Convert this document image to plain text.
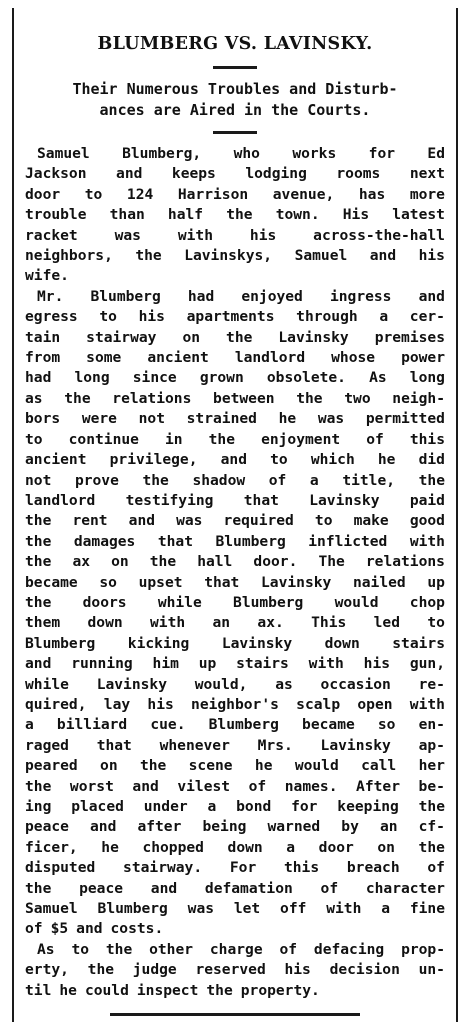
BLUMBERG VS. LAVINSKY.
Their Numerous Troubles and Disturb-
ances are Aired in the Courts.
Samuel Blumberg, who works for Ed
Jackson and keeps lodging rooms next
door to 124 Harrison avenue, has more
trouble than half the town. His latest
racket	was	with	his	across-the-hall
neighbors, the Lavinskys, Samuel and his
wife.
Mr. Blumberg had enjoyed ingress and
egress to his apartments through a cer-
tain stairway on the Lavinsky premises
from some ancient landlord whose power
had long since grown obsolete. As long
as the relations between the two neigh-
bors were not strained he was permitted
to continue in the enjoyment of this
ancient privilege, and to which he did
not prove the shadow of a title, the
landlord testifying that Lavinsky paid
the rent and was required to make good
the damages that Blumberg inflicted with
the ax on the hall door. The relations
became so upset that Lavinsky nailed up
the doors while Blumberg would chop
them down with an ax. This led to
Blumberg kicking Lavinsky down stairs
and running him up stairs with his gun,
while Lavinsky would, as occasion re-
quired, lay his neighbor's scalp open with
a billiard cue. Blumberg became so en-
raged that whenever Mrs. Lavinsky ap-
peared on the scene he would call her
the worst and vilest of names. After be-
ing placed under a bond for keeping the
peace and after being warned by an cf-
ficer, he chopped down a door on the
disputed stairway. For this breach of
the peace and defamation of character
Samuel Blumberg was let off with a fine
of $5 and costs.
As to the other charge of defacing prop-
erty, the judge reserved his decision un-
til he could inspect the property.
